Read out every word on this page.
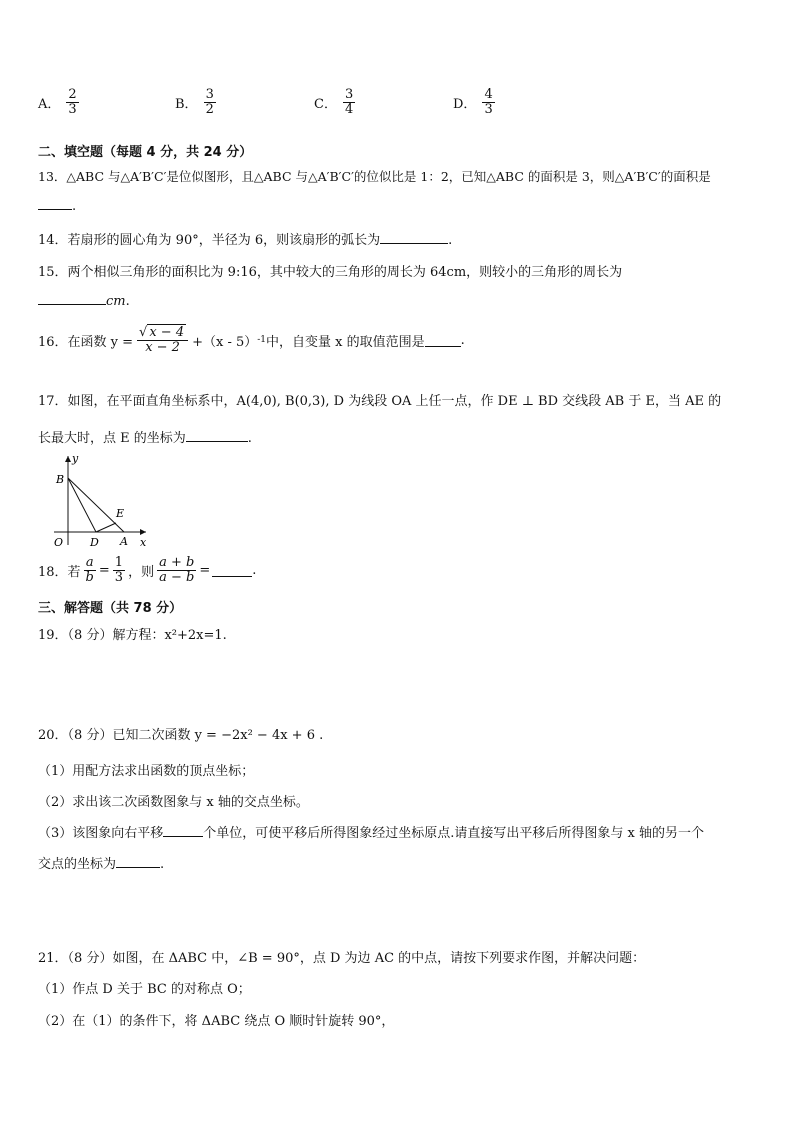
A． $\frac{2}{3}$	B． $\frac{3}{2}$	C． $\frac{3}{4}$	D． $\frac{4}{3}$
二、填空题（每题 4 分，共 24 分）
13．△ABC 与△A′B′C′是位似图形，且△ABC 与△A′B′C′的位似比是 1：2，已知△ABC 的面积是 3，则△A′B′C′的面积是
.
14．若扇形的圆心角为 90°，半径为 6，则该扇形的弧长为	.
15．两个相似三角形的面积比为 9:16，其中较大的三角形的周长为 64cm，则较小的三角形的周长为
cm.
16．在函数 $y = \frac{√ x - 4}{x - 2} +(x - 5)$ -1 中，自变量 x 的取值范围是	.
17．如图，在平面直角坐标系中，A(4,0), B(0,3), D 为线段 OA 上任一点，作 DE ⊥ BD 交线段 AB 于 E，当 AE 的
长最大时，点 E 的坐标为	.
y
B
E
O D A x
18．若 $\frac{a}{b} = \frac{1}{3}$ ，则 $\frac{a + b}{a - b}$ =	.
三、解答题（共 78 分）
19．（8 分）解方程：x²+2x=1.
20．（8 分）已知二次函数 y = −2x² − 4x + 6 .
（1）用配方法求出函数的顶点坐标；
（2）求出该二次函数图象与 x 轴的交点坐标。
（3）该图象向右平移	个单位，可使平移后所得图象经过坐标原点.请直接写出平移后所得图象与 x 轴的另一个
交点的坐标为	.
21．（8 分）如图，在 ΔABC 中，∠B = 90°，点 D 为边 AC 的中点，请按下列要求作图，并解决问题：
（1）作点 D 关于 BC 的对称点 O；
（2）在（1）的条件下，将 ΔABC 绕点 O 顺时针旋转 90°，
